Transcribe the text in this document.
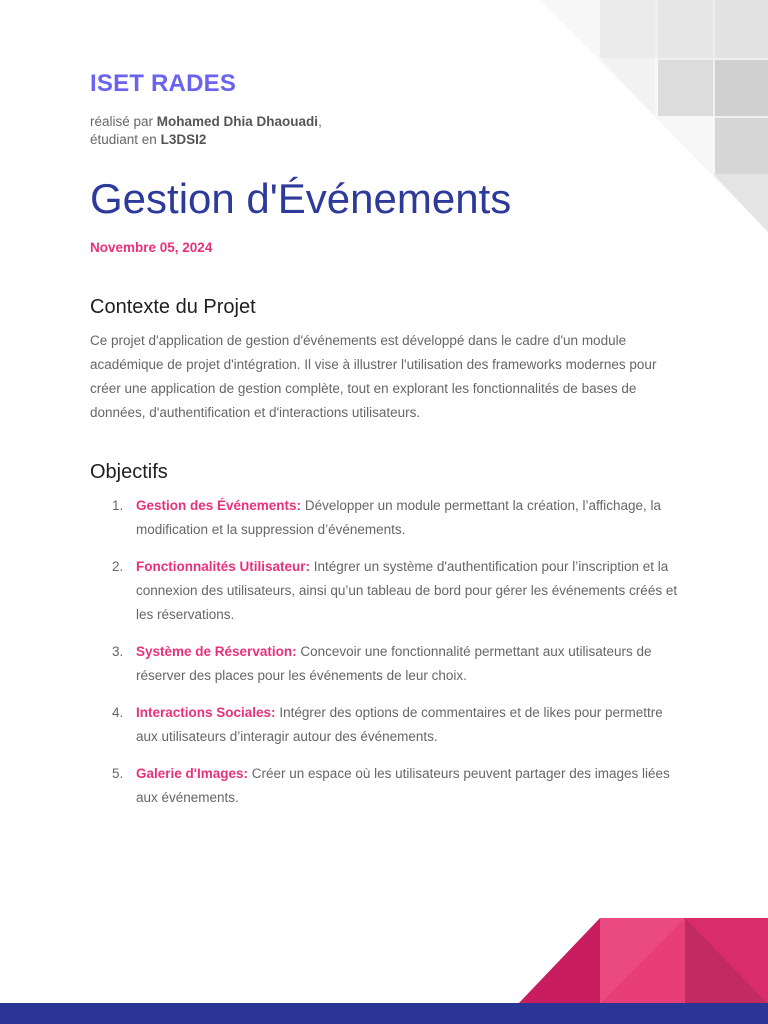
ISET RADES
réalisé par Mohamed Dhia Dhaouadi,
étudiant en L3DSI2
Gestion d'Événements
Novembre 05, 2024
Contexte du Projet

Ce projet d'application de gestion d'événements est développé dans le cadre d'un module académique de projet d'intégration. Il vise à illustrer l'utilisation des frameworks modernes pour créer une application de gestion complète, tout en explorant les fonctionnalités de bases de données, d'authentification et d'interactions utilisateurs.

Objectifs
1. Gestion des Événements: Développer un module permettant la création, l’affichage, la modification et la suppression d’événements.
2. Fonctionnalités Utilisateur: Intégrer un système d'authentification pour l’inscription et la connexion des utilisateurs, ainsi qu’un tableau de bord pour gérer les événements créés et les réservations.
3. Système de Réservation: Concevoir une fonctionnalité permettant aux utilisateurs de réserver des places pour les événements de leur choix.
4. Interactions Sociales: Intégrer des options de commentaires et de likes pour permettre aux utilisateurs d’interagir autour des événements.
5. Galerie d'Images: Créer un espace où les utilisateurs peuvent partager des images liées aux événements.
